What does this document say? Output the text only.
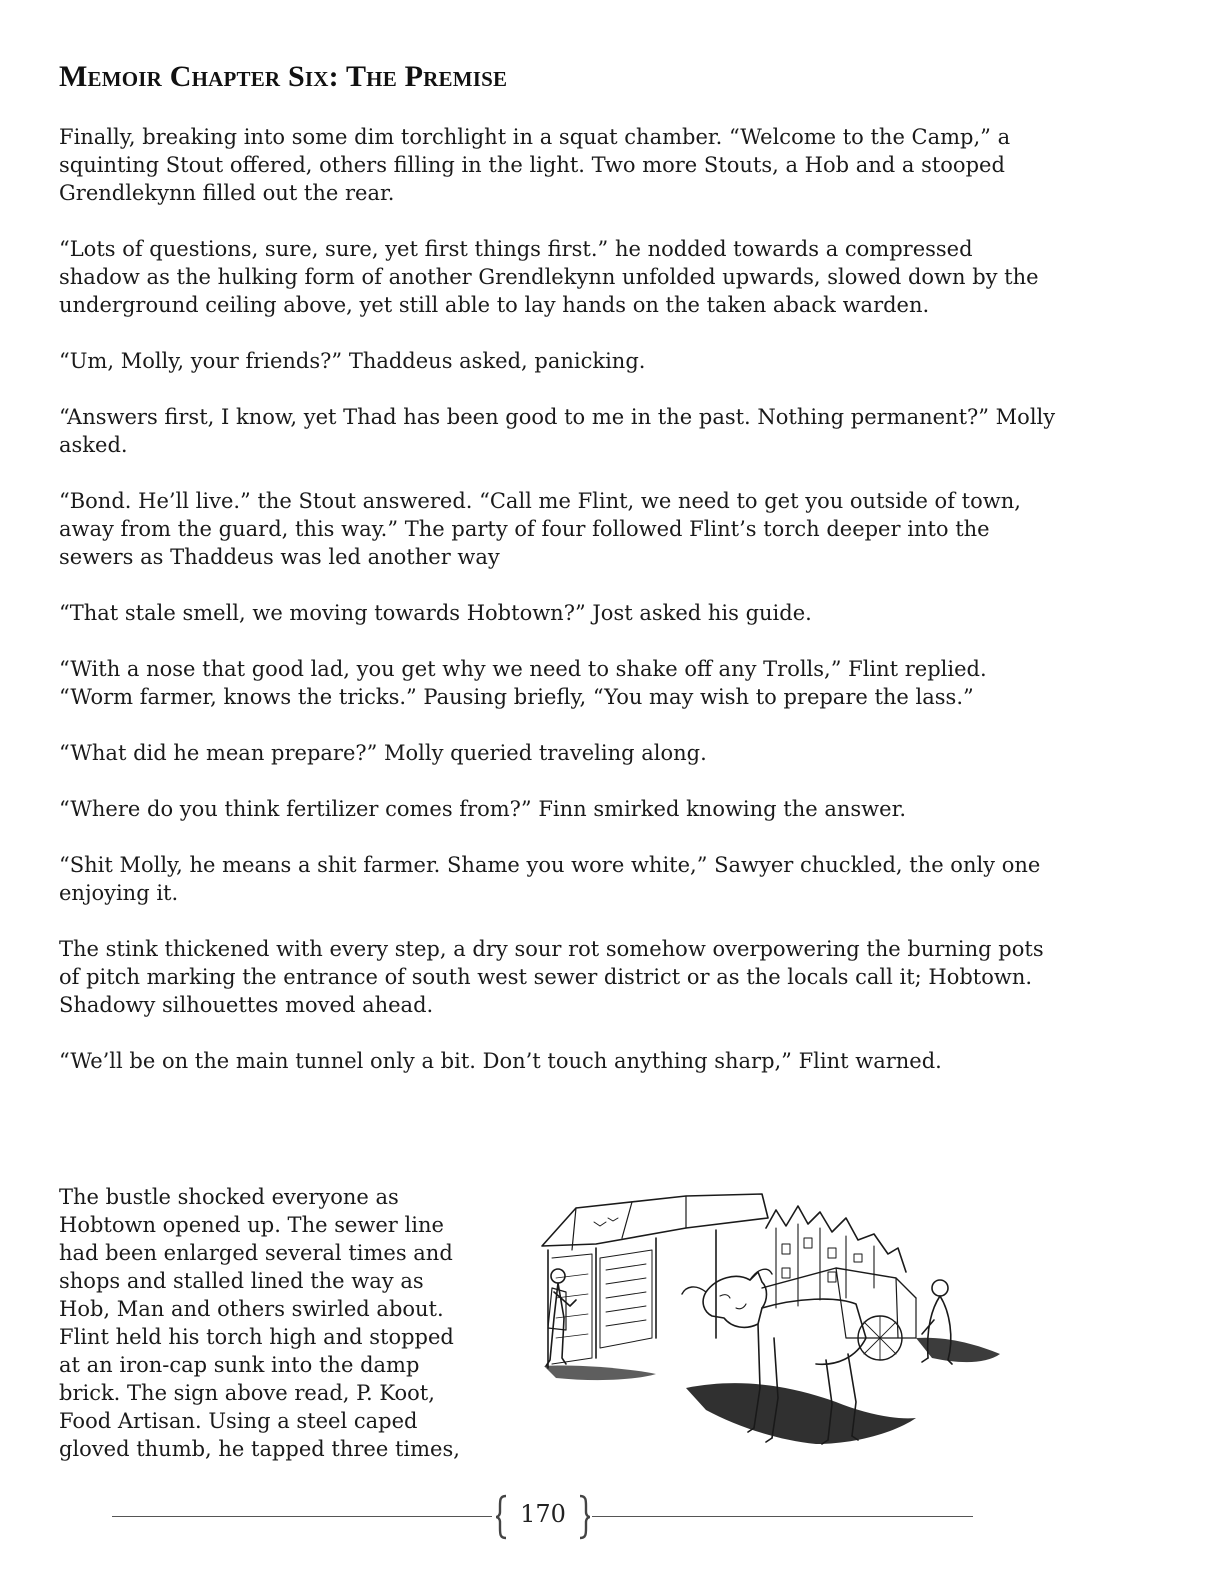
Memoir Chapter Six: The Premise

Finally, breaking into some dim torchlight in a squat chamber. “Welcome to the Camp,” a squinting Stout offered, others filling in the light. Two more Stouts, a Hob and a stooped Grendlekynn filled out the rear.

“Lots of questions, sure, sure, yet first things first.” he nodded towards a compressed shadow as the hulking form of another Grendlekynn unfolded upwards, slowed down by the underground ceiling above, yet still able to lay hands on the taken aback warden.

“Um, Molly, your friends?” Thaddeus asked, panicking.

“Answers first, I know, yet Thad has been good to me in the past. Nothing permanent?” Molly asked.

“Bond. He’ll live.” the Stout answered. “Call me Flint, we need to get you outside of town, away from the guard, this way.” The party of four followed Flint’s torch deeper into the sewers as Thaddeus was led another way

“That stale smell, we moving towards Hobtown?” Jost asked his guide.

“With a nose that good lad, you get why we need to shake off any Trolls,” Flint replied. “Worm farmer, knows the tricks.” Pausing briefly, “You may wish to prepare the lass.”

“What did he mean prepare?” Molly queried traveling along.

“Where do you think fertilizer comes from?” Finn smirked knowing the answer.

“Shit Molly, he means a shit farmer. Shame you wore white,” Sawyer chuckled, the only one enjoying it.

The stink thickened with every step, a dry sour rot somehow overpowering the burning pots of pitch marking the entrance of south west sewer district or as the locals call it; Hobtown. Shadowy silhouettes moved ahead.

“We’ll be on the main tunnel only a bit. Don’t touch anything sharp,” Flint warned.

The bustle shocked everyone as
Hobtown opened up. The sewer line
had been enlarged several times and
shops and stalled lined the way as
Hob, Man and others swirled about.
Flint held his torch high and stopped
at an iron-cap sunk into the damp
brick. The sign above read, P. Koot,
Food Artisan. Using a steel caped
gloved thumb, he tapped three times,

170
